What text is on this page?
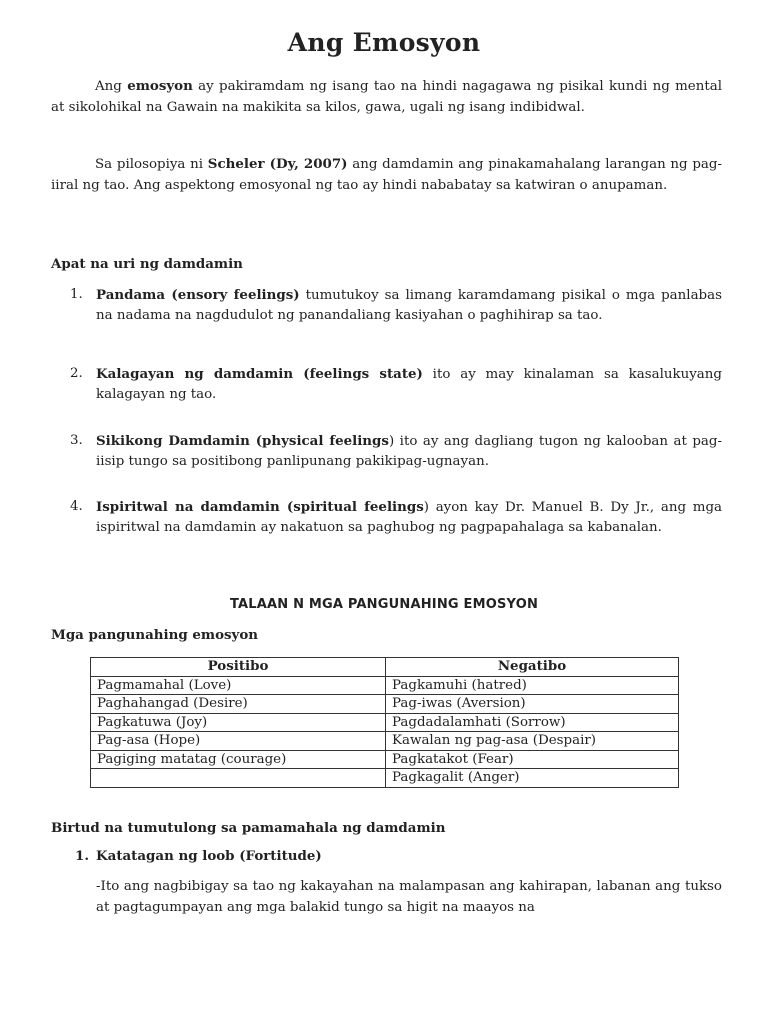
Ang Emosyon

Ang emosyon ay pakiramdam ng isang tao na hindi nagagawa ng pisikal kundi ng mental at sikolohikal na Gawain na makikita sa kilos, gawa, ugali ng isang indibidwal.

Sa pilosopiya ni Scheler (Dy, 2007) ang damdamin ang pinakamahalang larangan ng pag-iiral ng tao. Ang aspektong emosyonal ng tao ay hindi nababatay sa katwiran o anupaman.

Apat na uri ng damdamin

1. Pandama (ensory feelings) tumutukoy sa limang karamdamang pisikal o mga panlabas na nadama na nagdudulot ng panandaliang kasiyahan o paghihirap sa tao.
2. Kalagayan ng damdamin (feelings state) ito ay may kinalaman sa kasalukuyang kalagayan ng tao.
3. Sikikong Damdamin (physical feelings) ito ay ang dagliang tugon ng kalooban at pag-iisip tungo sa positibong panlipunang pakikipag-ugnayan.
4. Ispiritwal na damdamin (spiritual feelings) ayon kay Dr. Manuel B. Dy Jr., ang mga ispiritwal na damdamin ay nakatuon sa paghubog ng pagpapahalaga sa kabanalan.

TALAAN N MGA PANGUNAHING EMOSYON

Mga pangunahing emosyon

Positibo	Negatibo
Pagmamahal (Love)	Pagkamuhi (hatred)
Paghahangad (Desire)	Pag-iwas (Aversion)
Pagkatuwa (Joy)	Pagdadalamhati (Sorrow)
Pag-asa (Hope)	Kawalan ng pag-asa (Despair)
Pagiging matatag (courage)	Pagkatakot (Fear)
	Pagkagalit (Anger)

Birtud na tumutulong sa pamamahala ng damdamin

1. Katatagan ng loob (Fortitude)

-Ito ang nagbibigay sa tao ng kakayahan na malampasan ang kahirapan, labanan ang tukso at pagtagumpayan ang mga balakid tungo sa higit na maayos na
